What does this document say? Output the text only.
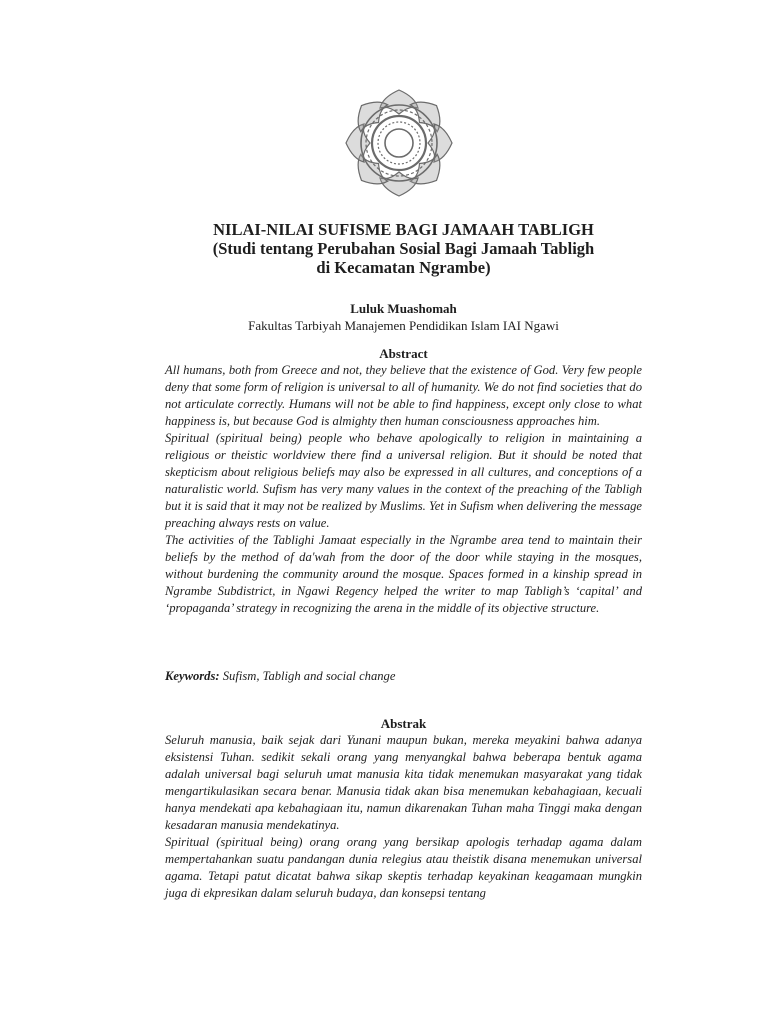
NILAI-NILAI SUFISME BAGI JAMAAH TABLIGH
(Studi tentang Perubahan Sosial Bagi Jamaah Tabligh
di Kecamatan Ngrambe)
Luluk Muashomah
Fakultas Tarbiyah Manajemen Pendidikan Islam IAI Ngawi
Abstract

All humans, both from Greece and not, they believe that the existence of God. Very few people deny that some form of religion is universal to all of humanity. We do not find societies that do not articulate correctly. Humans will not be able to find happiness, except only close to what happiness is, but because God is almighty then human consciousness approaches him.

Spiritual (spiritual being) people who behave apologically to religion in maintaining a religious or theistic worldview there find a universal religion. But it should be noted that skepticism about religious beliefs may also be expressed in all cultures, and conceptions of a naturalistic world. Sufism has very many values in the context of the preaching of the Tabligh but it is said that it may not be realized by Muslims. Yet in Sufism when delivering the message preaching always rests on value.

The activities of the Tablighi Jamaat especially in the Ngrambe area tend to maintain their beliefs by the method of da'wah from the door of the door while staying in the mosques, without burdening the community around the mosque. Spaces formed in a kinship spread in Ngrambe Subdistrict, in Ngawi Regency helped the writer to map Tabligh’s ‘capital’ and ‘propaganda’ strategy in recognizing the arena in the middle of its objective structure.

Keywords: Sufism, Tabligh and social change
Abstrak

Seluruh manusia, baik sejak dari Yunani maupun bukan, mereka meyakini bahwa adanya eksistensi Tuhan. sedikit sekali orang yang menyangkal bahwa beberapa bentuk agama adalah universal bagi seluruh umat manusia kita tidak menemukan masyarakat yang tidak mengartikulasikan secara benar. Manusia tidak akan bisa menemukan kebahagiaan, kecuali hanya mendekati apa kebahagiaan itu, namun dikarenakan Tuhan maha Tinggi maka dengan kesadaran manusia mendekatinya.

Spiritual (spiritual being) orang orang yang bersikap apologis terhadap agama dalam mempertahankan suatu pandangan dunia relegius atau theistik disana menemukan universal agama. Tetapi patut dicatat bahwa sikap skeptis terhadap keyakinan keagamaan mungkin juga di ekpresikan dalam seluruh budaya, dan konsepsi tentang
